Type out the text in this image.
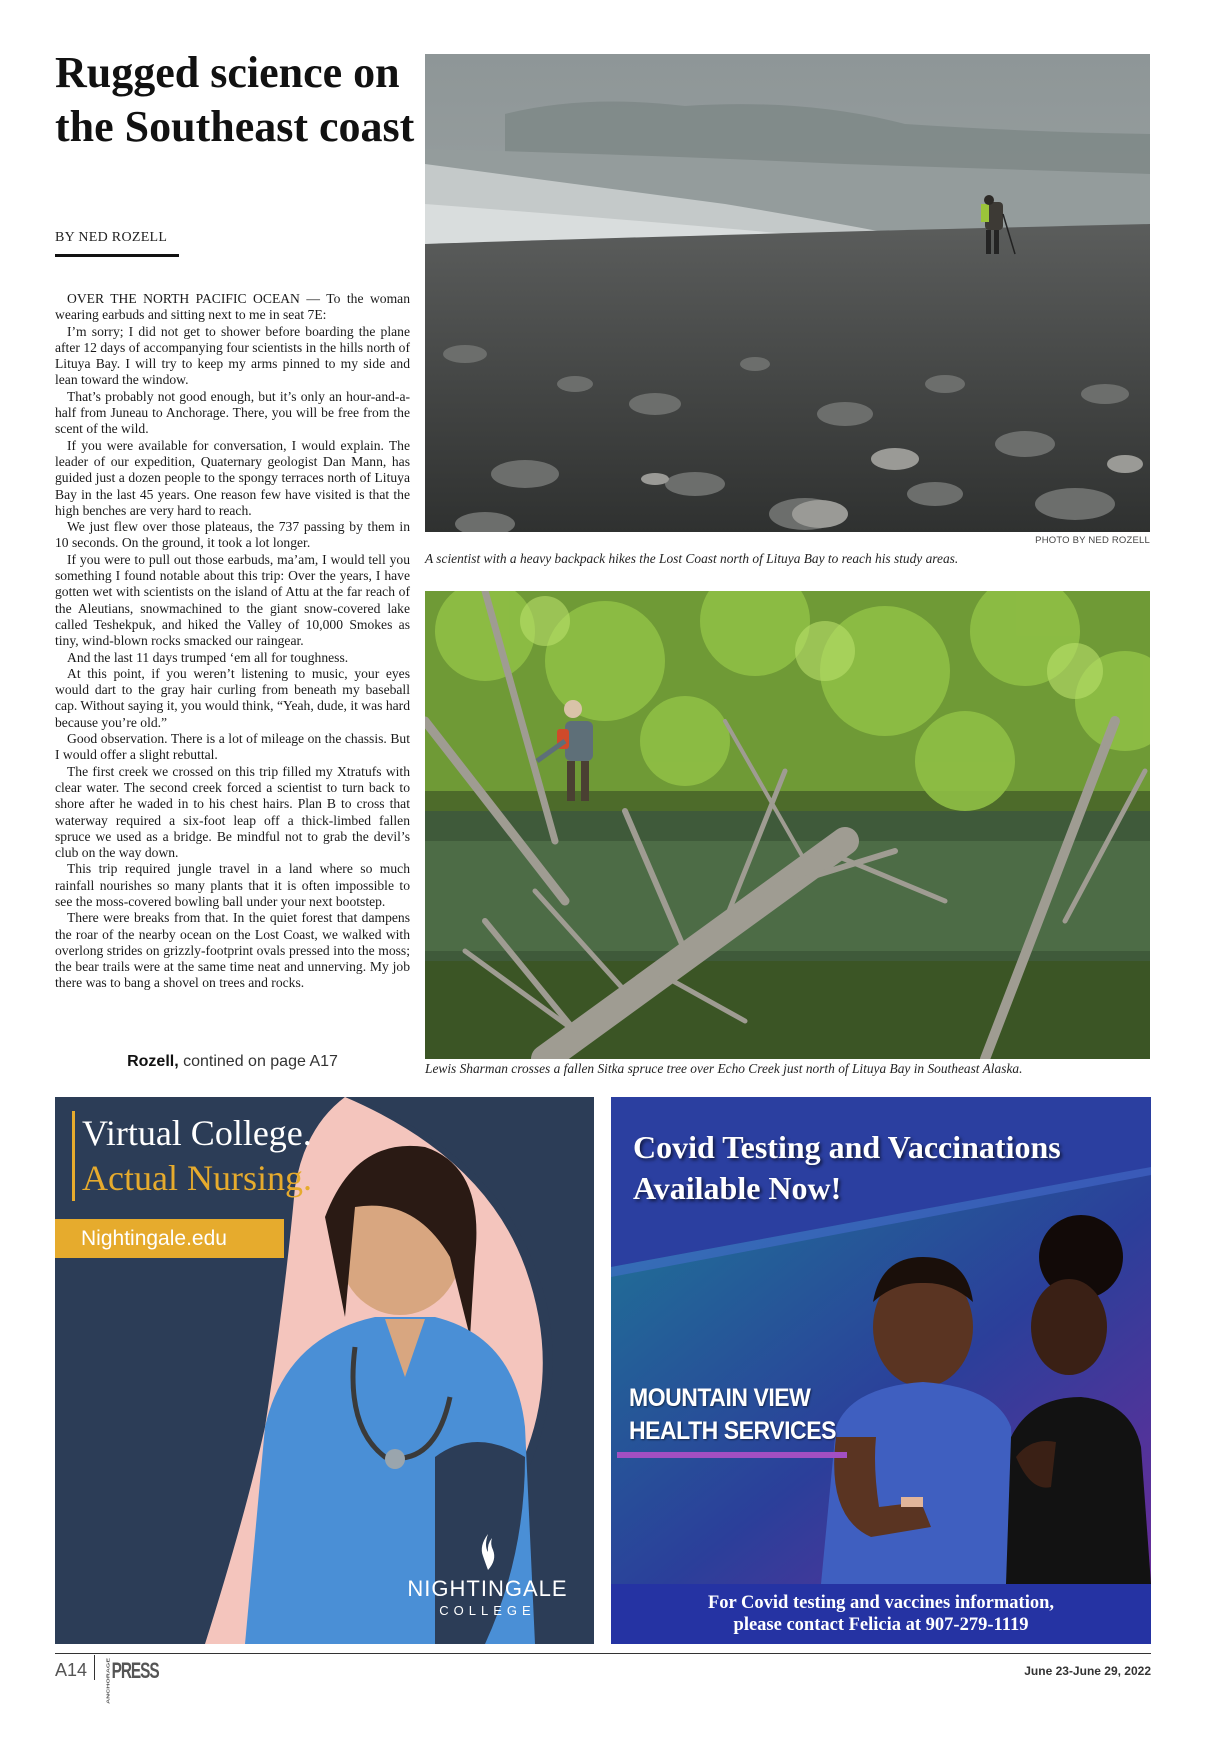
Rugged science on the Southeast coast
BY NED ROZELL

OVER THE NORTH PACIFIC OCEAN — To the woman wearing earbuds and sitting next to me in seat 7E:

I’m sorry; I did not get to shower before boarding the plane after 12 days of accompanying four scientists in the hills north of Lituya Bay. I will try to keep my arms pinned to my side and lean toward the window.

That’s probably not good enough, but it’s only an hour-and-a-half from Juneau to Anchorage. There, you will be free from the scent of the wild.

If you were available for conversation, I would explain. The leader of our expedition, Quaternary geologist Dan Mann, has guided just a dozen people to the spongy terraces north of Lituya Bay in the last 45 years. One reason few have visited is that the high benches are very hard to reach.

We just flew over those plateaus, the 737 passing by them in 10 seconds. On the ground, it took a lot longer.

If you were to pull out those earbuds, ma’am, I would tell you something I found notable about this trip: Over the years, I have gotten wet with scientists on the island of Attu at the far reach of the Aleutians, snowmachined to the giant snow-covered lake called Teshekpuk, and hiked the Valley of 10,000 Smokes as tiny, wind-blown rocks smacked our raingear.

And the last 11 days trumped ‘em all for toughness.

At this point, if you weren’t listening to music, your eyes would dart to the gray hair curling from beneath my baseball cap. Without saying it, you would think, “Yeah, dude, it was hard because you’re old.”

Good observation. There is a lot of mileage on the chassis. But I would offer a slight rebuttal.

The first creek we crossed on this trip filled my Xtratufs with clear water. The second creek forced a scientist to turn back to shore after he waded in to his chest hairs. Plan B to cross that waterway required a six-foot leap off a thick-limbed fallen spruce we used as a bridge. Be mindful not to grab the devil’s club on the way down.

This trip required jungle travel in a land where so much rainfall nourishes so many plants that it is often impossible to see the moss-covered bowling ball under your next bootstep.

There were breaks from that. In the quiet forest that dampens the roar of the nearby ocean on the Lost Coast, we walked with overlong strides on grizzly-footprint ovals pressed into the moss; the bear trails were at the same time neat and unnerving. My job there was to bang a shovel on trees and rocks.

Rozell, contined on page A17
PHOTO BY NED ROZELL
A scientist with a heavy backpack hikes the Lost Coast north of Lituya Bay to reach his study areas.
Lewis Sharman crosses a fallen Sitka spruce tree over Echo Creek just north of Lituya Bay in Southeast Alaska.
Virtual College.
Actual Nursing.
Nightingale.edu
NIGHTINGALE
COLLEGE
Covid Testing and Vaccinations
Available Now!
MOUNTAIN VIEW
HEALTH SERVICES
For Covid testing and vaccines information,
please contact Felicia at 907-279-1119
A14	ANCHORAGEPRESS	June 23-June 29, 2022
